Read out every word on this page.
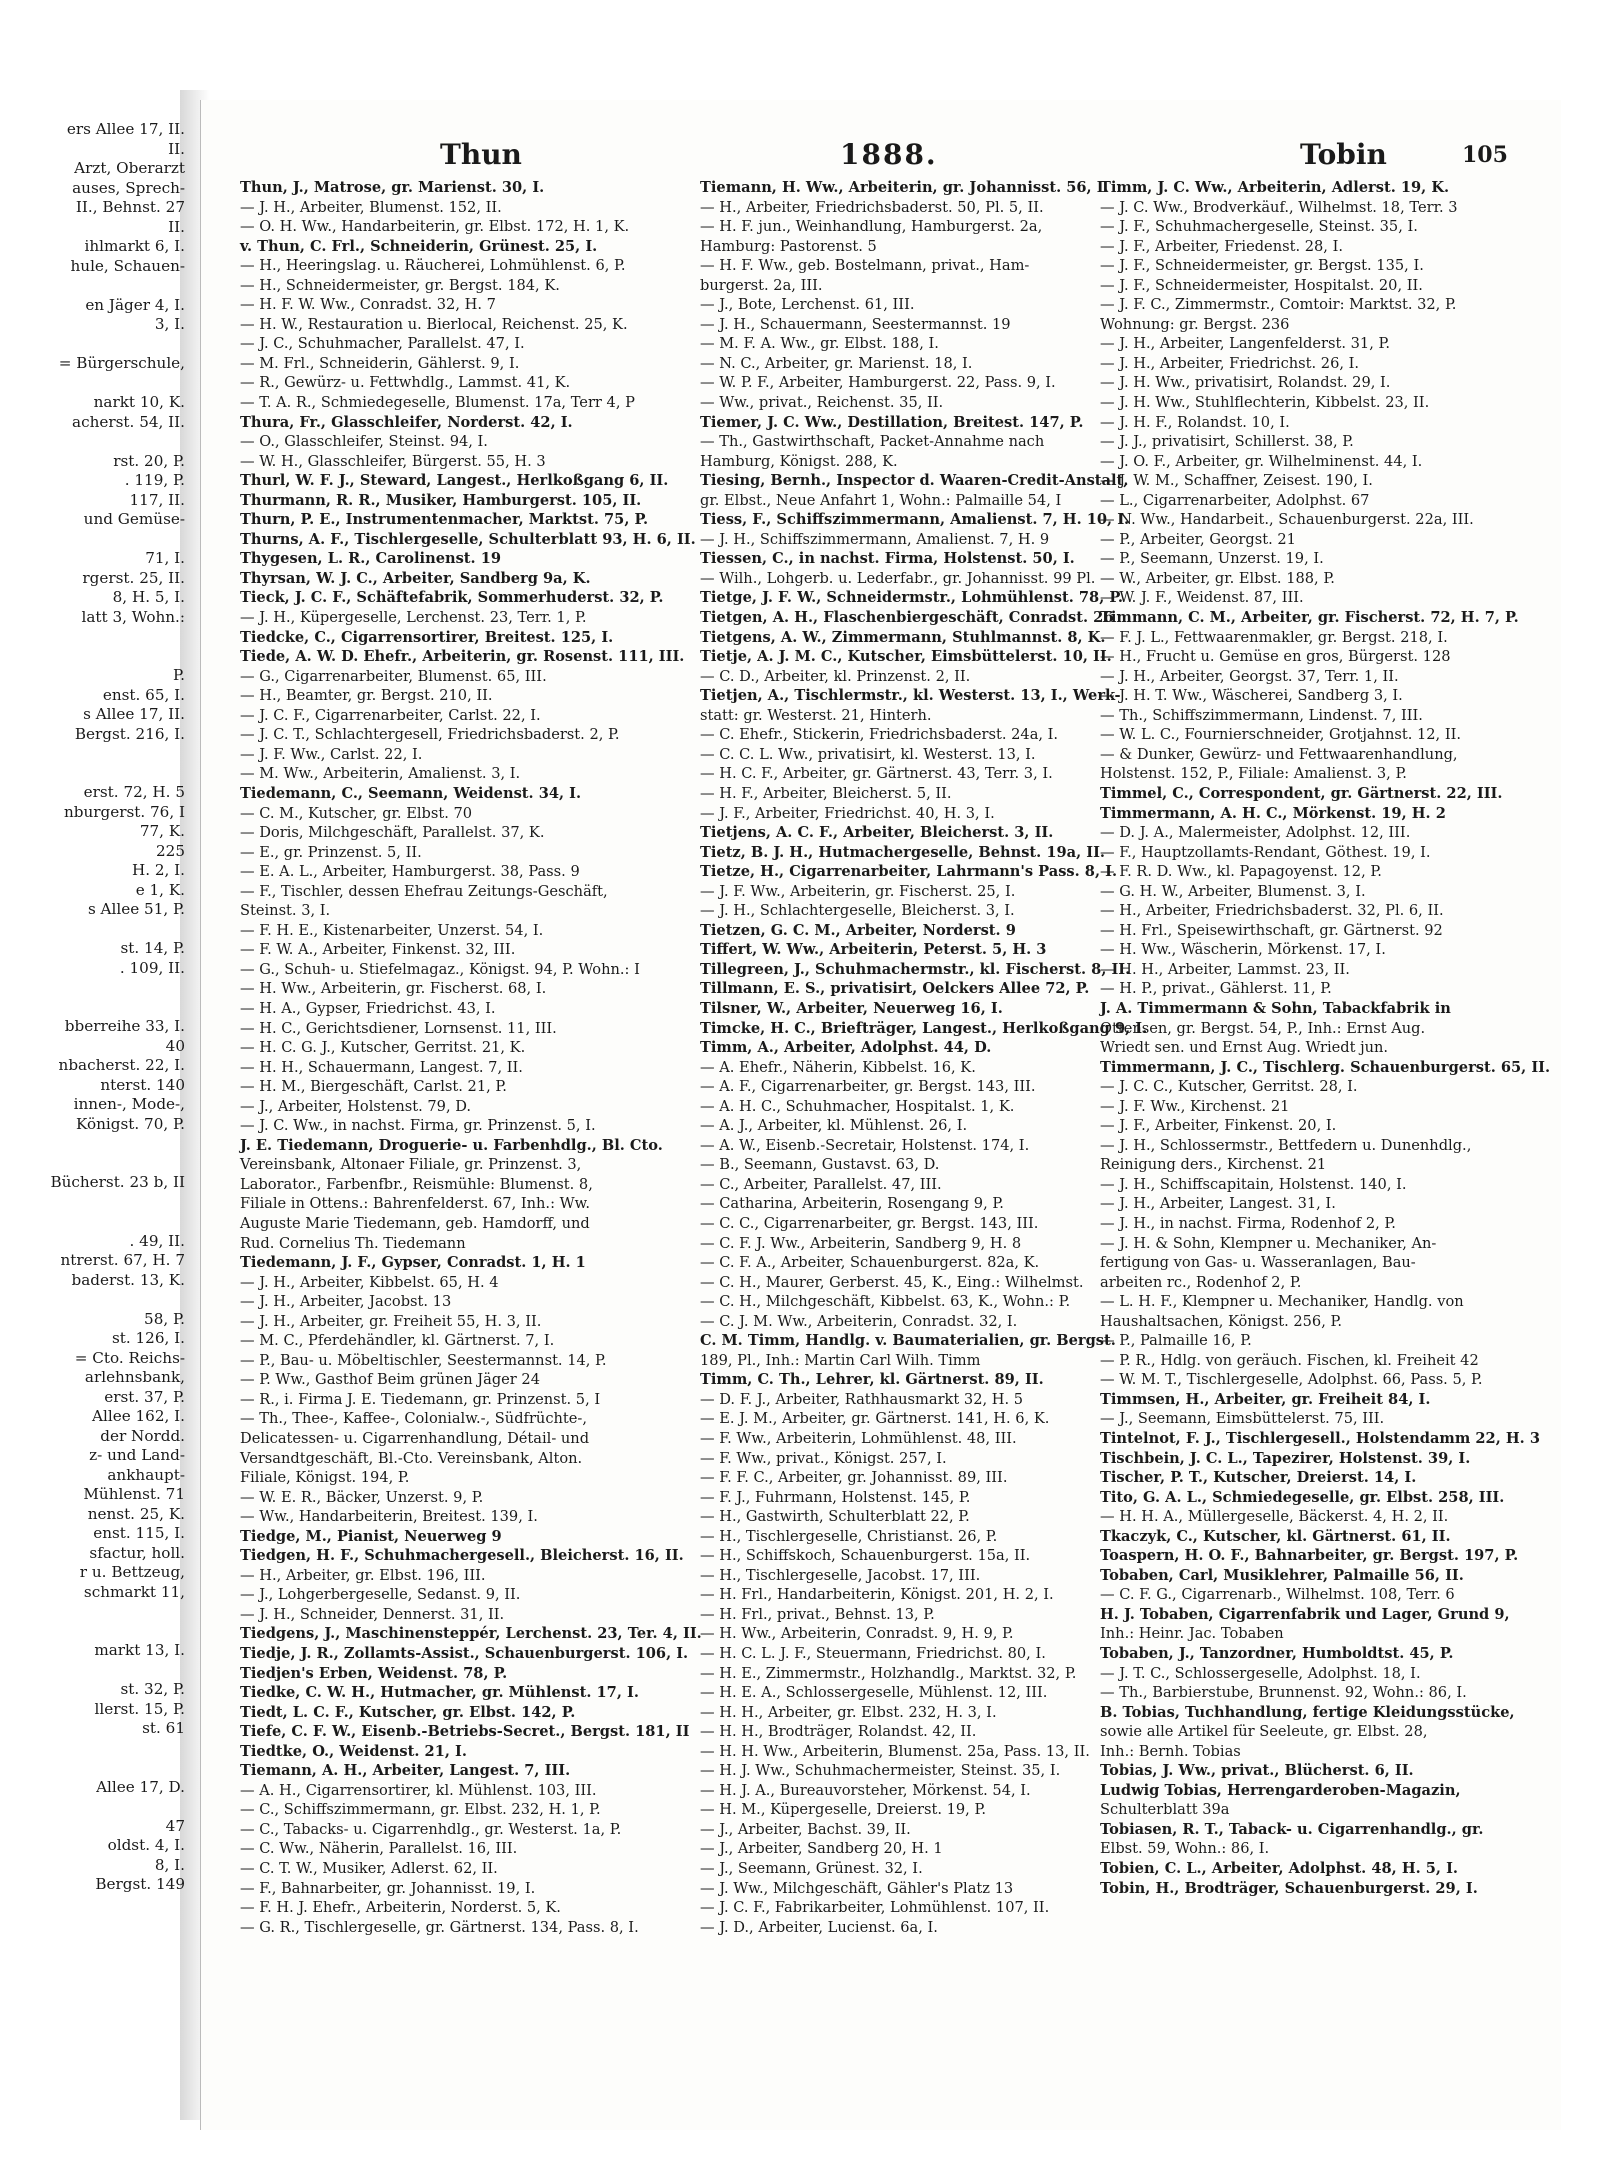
ers Allee 17, II.
II.
Arzt, Oberarzt
auses, Sprech-
II., Behnst. 27
II.
ihlmarkt 6, I.
hule, Schauen-
en Jäger 4, I.
3, I.
= Bürgerschule,
narkt 10, K.
acherst. 54, II.
rst. 20, P.
. 119, P.
117, II.
und Gemüse-
71, I.
rgerst. 25, II.
8, H. 5, I.
latt 3, Wohn.:
P.
enst. 65, I.
s Allee 17, II.
Bergst. 216, I.
erst. 72, H. 5
nburgerst. 76, I
77, K.
225
H. 2, I.
e 1, K.
s Allee 51, P.
st. 14, P.
. 109, II.
bberreihe 33, I.
40
nbacherst. 22, I.
nterst. 140
innen-, Mode-,
Königst. 70, P.
Bücherst. 23 b, II
. 49, II.
ntrerst. 67, H. 7
baderst. 13, K.
58, P.
st. 126, I.
= Cto. Reichs-
arlehnsbank,
erst. 37, P.
Allee 162, I.
der Nordd.
z- und Land-
ankhaupt-
Mühlenst. 71
nenst. 25, K.
enst. 115, I.
sfactur, holl.
r u. Bettzeug,
schmarkt 11,
markt 13, I.
st. 32, P.
llerst. 15, P.
st. 61
Allee 17, D.
47
oldst. 4, I.
8, I.
Bergst. 149
Thun	1888.	Tobin	105
Thun, J., Matrose, gr. Marienst. 30, I.
— J. H., Arbeiter, Blumenst. 152, II.
— O. H. Ww., Handarbeiterin, gr. Elbst. 172, H. 1, K.
v. Thun, C. Frl., Schneiderin, Grünest. 25, I.
— H., Heeringslag. u. Räucherei, Lohmühlenst. 6, P.
— H., Schneidermeister, gr. Bergst. 184, K.
— H. F. W. Ww., Conradst. 32, H. 7
— H. W., Restauration u. Bierlocal, Reichenst. 25, K.
— J. C., Schuhmacher, Parallelst. 47, I.
— M. Frl., Schneiderin, Gählerst. 9, I.
— R., Gewürz- u. Fettwhdlg., Lammst. 41, K.
— T. A. R., Schmiedegeselle, Blumenst. 17a, Terr 4, P
Thura, Fr., Glasschleifer, Norderst. 42, I.
— O., Glasschleifer, Steinst. 94, I.
— W. H., Glasschleifer, Bürgerst. 55, H. 3
Thurl, W. F. J., Steward, Langest., Herlkoßgang 6, II.
Thurmann, R. R., Musiker, Hamburgerst. 105, II.
Thurn, P. E., Instrumentenmacher, Marktst. 75, P.
Thurns, A. F., Tischlergeselle, Schulterblatt 93, H. 6, II.
Thygesen, L. R., Carolinenst. 19
Thyrsan, W. J. C., Arbeiter, Sandberg 9a, K.
Tieck, J. C. F., Schäftefabrik, Sommerhuderst. 32, P.
— J. H., Küpergeselle, Lerchenst. 23, Terr. 1, P.
Tiedcke, C., Cigarrensortirer, Breitest. 125, I.
Tiede, A. W. D. Ehefr., Arbeiterin, gr. Rosenst. 111, III.
— G., Cigarrenarbeiter, Blumenst. 65, III.
— H., Beamter, gr. Bergst. 210, II.
— J. C. F., Cigarrenarbeiter, Carlst. 22, I.
— J. C. T., Schlachtergesell, Friedrichsbaderst. 2, P.
— J. F. Ww., Carlst. 22, I.
— M. Ww., Arbeiterin, Amalienst. 3, I.
Tiedemann, C., Seemann, Weidenst. 34, I.
— C. M., Kutscher, gr. Elbst. 70
— Doris, Milchgeschäft, Parallelst. 37, K.
— E., gr. Prinzenst. 5, II.
— E. A. L., Arbeiter, Hamburgerst. 38, Pass. 9
— F., Tischler, dessen Ehefrau Zeitungs-Geschäft,
Steinst. 3, I.
— F. H. E., Kistenarbeiter, Unzerst. 54, I.
— F. W. A., Arbeiter, Finkenst. 32, III.
— G., Schuh- u. Stiefelmagaz., Königst. 94, P. Wohn.: I
— H. Ww., Arbeiterin, gr. Fischerst. 68, I.
— H. A., Gypser, Friedrichst. 43, I.
— H. C., Gerichtsdiener, Lornsenst. 11, III.
— H. C. G. J., Kutscher, Gerritst. 21, K.
— H. H., Schauermann, Langest. 7, II.
— H. M., Biergeschäft, Carlst. 21, P.
— J., Arbeiter, Holstenst. 79, D.
— J. C. Ww., in nachst. Firma, gr. Prinzenst. 5, I.
J. E. Tiedemann, Droguerie- u. Farbenhdlg., Bl. Cto.
Vereinsbank, Altonaer Filiale, gr. Prinzenst. 3,
Laborator., Farbenfbr., Reismühle: Blumenst. 8,
Filiale in Ottens.: Bahrenfelderst. 67, Inh.: Ww.
Auguste Marie Tiedemann, geb. Hamdorff, und
Rud. Cornelius Th. Tiedemann
Tiedemann, J. F., Gypser, Conradst. 1, H. 1
— J. H., Arbeiter, Kibbelst. 65, H. 4
— J. H., Arbeiter, Jacobst. 13
— J. H., Arbeiter, gr. Freiheit 55, H. 3, II.
— M. C., Pferdehändler, kl. Gärtnerst. 7, I.
— P., Bau- u. Möbeltischler, Seestermannst. 14, P.
— P. Ww., Gasthof Beim grünen Jäger 24
— R., i. Firma J. E. Tiedemann, gr. Prinzenst. 5, I
— Th., Thee-, Kaffee-, Colonialw.-, Südfrüchte-,
Delicatessen- u. Cigarrenhandlung, Détail- und
Versandtgeschäft, Bl.-Cto. Vereinsbank, Alton.
Filiale, Königst. 194, P.
— W. E. R., Bäcker, Unzerst. 9, P.
— Ww., Handarbeiterin, Breitest. 139, I.
Tiedge, M., Pianist, Neuerweg 9
Tiedgen, H. F., Schuhmachergesell., Bleicherst. 16, II.
— H., Arbeiter, gr. Elbst. 196, III.
— J., Lohgerbergeselle, Sedanst. 9, II.
— J. H., Schneider, Dennerst. 31, II.
Tiedgens, J., Maschinensteppér, Lerchenst. 23, Ter. 4, II.
Tiedje, J. R., Zollamts-Assist., Schauenburgerst. 106, I.
Tiedjen's Erben, Weidenst. 78, P.
Tiedke, C. W. H., Hutmacher, gr. Mühlenst. 17, I.
Tiedt, L. C. F., Kutscher, gr. Elbst. 142, P.
Tiefe, C. F. W., Eisenb.-Betriebs-Secret., Bergst. 181, II
Tiedtke, O., Weidenst. 21, I.
Tiemann, A. H., Arbeiter, Langest. 7, III.
— A. H., Cigarrensortirer, kl. Mühlenst. 103, III.
— C., Schiffszimmermann, gr. Elbst. 232, H. 1, P.
— C., Tabacks- u. Cigarrenhdlg., gr. Westerst. 1a, P.
— C. Ww., Näherin, Parallelst. 16, III.
— C. T. W., Musiker, Adlerst. 62, II.
— F., Bahnarbeiter, gr. Johannisst. 19, I.
— F. H. J. Ehefr., Arbeiterin, Norderst. 5, K.
— G. R., Tischlergeselle, gr. Gärtnerst. 134, Pass. 8, I.
Tiemann, H. Ww., Arbeiterin, gr. Johannisst. 56, I.
— H., Arbeiter, Friedrichsbaderst. 50, Pl. 5, II.
— H. F. jun., Weinhandlung, Hamburgerst. 2a,
Hamburg: Pastorenst. 5
— H. F. Ww., geb. Bostelmann, privat., Ham-
burgerst. 2a, III.
— J., Bote, Lerchenst. 61, III.
— J. H., Schauermann, Seestermannst. 19
— M. F. A. Ww., gr. Elbst. 188, I.
— N. C., Arbeiter, gr. Marienst. 18, I.
— W. P. F., Arbeiter, Hamburgerst. 22, Pass. 9, I.
— Ww., privat., Reichenst. 35, II.
Tiemer, J. C. Ww., Destillation, Breitest. 147, P.
— Th., Gastwirthschaft, Packet-Annahme nach
Hamburg, Königst. 288, K.
Tiesing, Bernh., Inspector d. Waaren-Credit-Anstalt,
gr. Elbst., Neue Anfahrt 1, Wohn.: Palmaille 54, I
Tiess, F., Schiffszimmermann, Amalienst. 7, H. 10, I.
— J. H., Schiffszimmermann, Amalienst. 7, H. 9
Tiessen, C., in nachst. Firma, Holstenst. 50, I.
— Wilh., Lohgerb. u. Lederfabr., gr. Johannisst. 99 Pl.
Tietge, J. F. W., Schneidermstr., Lohmühlenst. 78, P.
Tietgen, A. H., Flaschenbiergeschäft, Conradst. 26
Tietgens, A. W., Zimmermann, Stuhlmannst. 8, K.
Tietje, A. J. M. C., Kutscher, Eimsbüttelerst. 10, II.
— C. D., Arbeiter, kl. Prinzenst. 2, II.
Tietjen, A., Tischlermstr., kl. Westerst. 13, I., Werk-
statt: gr. Westerst. 21, Hinterh.
— C. Ehefr., Stickerin, Friedrichsbaderst. 24a, I.
— C. C. L. Ww., privatisirt, kl. Westerst. 13, I.
— H. C. F., Arbeiter, gr. Gärtnerst. 43, Terr. 3, I.
— H. F., Arbeiter, Bleicherst. 5, II.
— J. F., Arbeiter, Friedrichst. 40, H. 3, I.
Tietjens, A. C. F., Arbeiter, Bleicherst. 3, II.
Tietz, B. J. H., Hutmachergeselle, Behnst. 19a, II.
Tietze, H., Cigarrenarbeiter, Lahrmann's Pass. 8, I.
— J. F. Ww., Arbeiterin, gr. Fischerst. 25, I.
— J. H., Schlachtergeselle, Bleicherst. 3, I.
Tietzen, G. C. M., Arbeiter, Norderst. 9
Tiffert, W. Ww., Arbeiterin, Peterst. 5, H. 3
Tillegreen, J., Schuhmachermstr., kl. Fischerst. 8, II.
Tillmann, E. S., privatisirt, Oelckers Allee 72, P.
Tilsner, W., Arbeiter, Neuerweg 16, I.
Timcke, H. C., Briefträger, Langest., Herlkoßgang 9, I.
Timm, A., Arbeiter, Adolphst. 44, D.
— A. Ehefr., Näherin, Kibbelst. 16, K.
— A. F., Cigarrenarbeiter, gr. Bergst. 143, III.
— A. H. C., Schuhmacher, Hospitalst. 1, K.
— A. J., Arbeiter, kl. Mühlenst. 26, I.
— A. W., Eisenb.-Secretair, Holstenst. 174, I.
— B., Seemann, Gustavst. 63, D.
— C., Arbeiter, Parallelst. 47, III.
— Catharina, Arbeiterin, Rosengang 9, P.
— C. C., Cigarrenarbeiter, gr. Bergst. 143, III.
— C. F. J. Ww., Arbeiterin, Sandberg 9, H. 8
— C. F. A., Arbeiter, Schauenburgerst. 82a, K.
— C. H., Maurer, Gerberst. 45, K., Eing.: Wilhelmst.
— C. H., Milchgeschäft, Kibbelst. 63, K., Wohn.: P.
— C. J. M. Ww., Arbeiterin, Conradst. 32, I.
C. M. Timm, Handlg. v. Baumaterialien, gr. Bergst.
189, Pl., Inh.: Martin Carl Wilh. Timm
Timm, C. Th., Lehrer, kl. Gärtnerst. 89, II.
— D. F. J., Arbeiter, Rathhausmarkt 32, H. 5
— E. J. M., Arbeiter, gr. Gärtnerst. 141, H. 6, K.
— F. Ww., Arbeiterin, Lohmühlenst. 48, III.
— F. Ww., privat., Königst. 257, I.
— F. F. C., Arbeiter, gr. Johannisst. 89, III.
— F. J., Fuhrmann, Holstenst. 145, P.
— H., Gastwirth, Schulterblatt 22, P.
— H., Tischlergeselle, Christianst. 26, P.
— H., Schiffskoch, Schauenburgerst. 15a, II.
— H., Tischlergeselle, Jacobst. 17, III.
— H. Frl., Handarbeiterin, Königst. 201, H. 2, I.
— H. Frl., privat., Behnst. 13, P.
— H. Ww., Arbeiterin, Conradst. 9, H. 9, P.
— H. C. L. J. F., Steuermann, Friedrichst. 80, I.
— H. E., Zimmermstr., Holzhandlg., Marktst. 32, P.
— H. E. A., Schlossergeselle, Mühlenst. 12, III.
— H. H., Arbeiter, gr. Elbst. 232, H. 3, I.
— H. H., Brodträger, Rolandst. 42, II.
— H. H. Ww., Arbeiterin, Blumenst. 25a, Pass. 13, II.
— H. J. Ww., Schuhmachermeister, Steinst. 35, I.
— H. J. A., Bureauvorsteher, Mörkenst. 54, I.
— H. M., Küpergeselle, Dreierst. 19, P.
— J., Arbeiter, Bachst. 39, II.
— J., Arbeiter, Sandberg 20, H. 1
— J., Seemann, Grünest. 32, I.
— J. Ww., Milchgeschäft, Gähler's Platz 13
— J. C. F., Fabrikarbeiter, Lohmühlenst. 107, II.
— J. D., Arbeiter, Lucienst. 6a, I.
Timm, J. C. Ww., Arbeiterin, Adlerst. 19, K.
— J. C. Ww., Brodverkäuf., Wilhelmst. 18, Terr. 3
— J. F., Schuhmachergeselle, Steinst. 35, I.
— J. F., Arbeiter, Friedenst. 28, I.
— J. F., Schneidermeister, gr. Bergst. 135, I.
— J. F., Schneidermeister, Hospitalst. 20, II.
— J. F. C., Zimmermstr., Comtoir: Marktst. 32, P.
Wohnung: gr. Bergst. 236
— J. H., Arbeiter, Langenfelderst. 31, P.
— J. H., Arbeiter, Friedrichst. 26, I.
— J. H. Ww., privatisirt, Rolandst. 29, I.
— J. H. Ww., Stuhlflechterin, Kibbelst. 23, II.
— J. H. F., Rolandst. 10, I.
— J. J., privatisirt, Schillerst. 38, P.
— J. O. F., Arbeiter, gr. Wilhelminenst. 44, I.
— J. W. M., Schaffner, Zeisest. 190, I.
— L., Cigarrenarbeiter, Adolphst. 67
— N. Ww., Handarbeit., Schauenburgerst. 22a, III.
— P., Arbeiter, Georgst. 21
— P., Seemann, Unzerst. 19, I.
— W., Arbeiter, gr. Elbst. 188, P.
— W. J. F., Weidenst. 87, III.
Timmann, C. M., Arbeiter, gr. Fischerst. 72, H. 7, P.
— F. J. L., Fettwaarenmakler, gr. Bergst. 218, I.
— H., Frucht u. Gemüse en gros, Bürgerst. 128
— J. H., Arbeiter, Georgst. 37, Terr. 1, II.
— J. H. T. Ww., Wäscherei, Sandberg 3, I.
— Th., Schiffszimmermann, Lindenst. 7, III.
— W. L. C., Fournierschneider, Grotjahnst. 12, II.
— & Dunker, Gewürz- und Fettwaarenhandlung,
Holstenst. 152, P., Filiale: Amalienst. 3, P.
Timmel, C., Correspondent, gr. Gärtnerst. 22, III.
Timmermann, A. H. C., Mörkenst. 19, H. 2
— D. J. A., Malermeister, Adolphst. 12, III.
— F., Hauptzollamts-Rendant, Göthest. 19, I.
— F. R. D. Ww., kl. Papagoyenst. 12, P.
— G. H. W., Arbeiter, Blumenst. 3, I.
— H., Arbeiter, Friedrichsbaderst. 32, Pl. 6, II.
— H. Frl., Speisewirthschaft, gr. Gärtnerst. 92
— H. Ww., Wäscherin, Mörkenst. 17, I.
— H. H., Arbeiter, Lammst. 23, II.
— H. P., privat., Gählerst. 11, P.
J. A. Timmermann & Sohn, Tabackfabrik in
Ottensen, gr. Bergst. 54, P., Inh.: Ernst Aug.
Wriedt sen. und Ernst Aug. Wriedt jun.
Timmermann, J. C., Tischlerg. Schauenburgerst. 65, II.
— J. C. C., Kutscher, Gerritst. 28, I.
— J. F. Ww., Kirchenst. 21
— J. F., Arbeiter, Finkenst. 20, I.
— J. H., Schlossermstr., Bettfedern u. Dunenhdlg.,
Reinigung ders., Kirchenst. 21
— J. H., Schiffscapitain, Holstenst. 140, I.
— J. H., Arbeiter, Langest. 31, I.
— J. H., in nachst. Firma, Rodenhof 2, P.
— J. H. & Sohn, Klempner u. Mechaniker, An-
fertigung von Gas- u. Wasseranlagen, Bau-
arbeiten rc., Rodenhof 2, P.
— L. H. F., Klempner u. Mechaniker, Handlg. von
Haushaltsachen, Königst. 256, P.
— P., Palmaille 16, P.
— P. R., Hdlg. von geräuch. Fischen, kl. Freiheit 42
— W. M. T., Tischlergeselle, Adolphst. 66, Pass. 5, P.
Timmsen, H., Arbeiter, gr. Freiheit 84, I.
— J., Seemann, Eimsbüttelerst. 75, III.
Tintelnot, F. J., Tischlergesell., Holstendamm 22, H. 3
Tischbein, J. C. L., Tapezirer, Holstenst. 39, I.
Tischer, P. T., Kutscher, Dreierst. 14, I.
Tito, G. A. L., Schmiedegeselle, gr. Elbst. 258, III.
— H. H. A., Müllergeselle, Bäckerst. 4, H. 2, II.
Tkaczyk, C., Kutscher, kl. Gärtnerst. 61, II.
Toaspern, H. O. F., Bahnarbeiter, gr. Bergst. 197, P.
Tobaben, Carl, Musiklehrer, Palmaille 56, II.
— C. F. G., Cigarrenarb., Wilhelmst. 108, Terr. 6
H. J. Tobaben, Cigarrenfabrik und Lager, Grund 9,
Inh.: Heinr. Jac. Tobaben
Tobaben, J., Tanzordner, Humboldtst. 45, P.
— J. T. C., Schlossergeselle, Adolphst. 18, I.
— Th., Barbierstube, Brunnenst. 92, Wohn.: 86, I.
B. Tobias, Tuchhandlung, fertige Kleidungsstücke,
sowie alle Artikel für Seeleute, gr. Elbst. 28,
Inh.: Bernh. Tobias
Tobias, J. Ww., privat., Blücherst. 6, II.
Ludwig Tobias, Herrengarderoben-Magazin,
Schulterblatt 39a
Tobiasen, R. T., Taback- u. Cigarrenhandlg., gr.
Elbst. 59, Wohn.: 86, I.
Tobien, C. L., Arbeiter, Adolphst. 48, H. 5, I.
Tobin, H., Brodträger, Schauenburgerst. 29, I.
